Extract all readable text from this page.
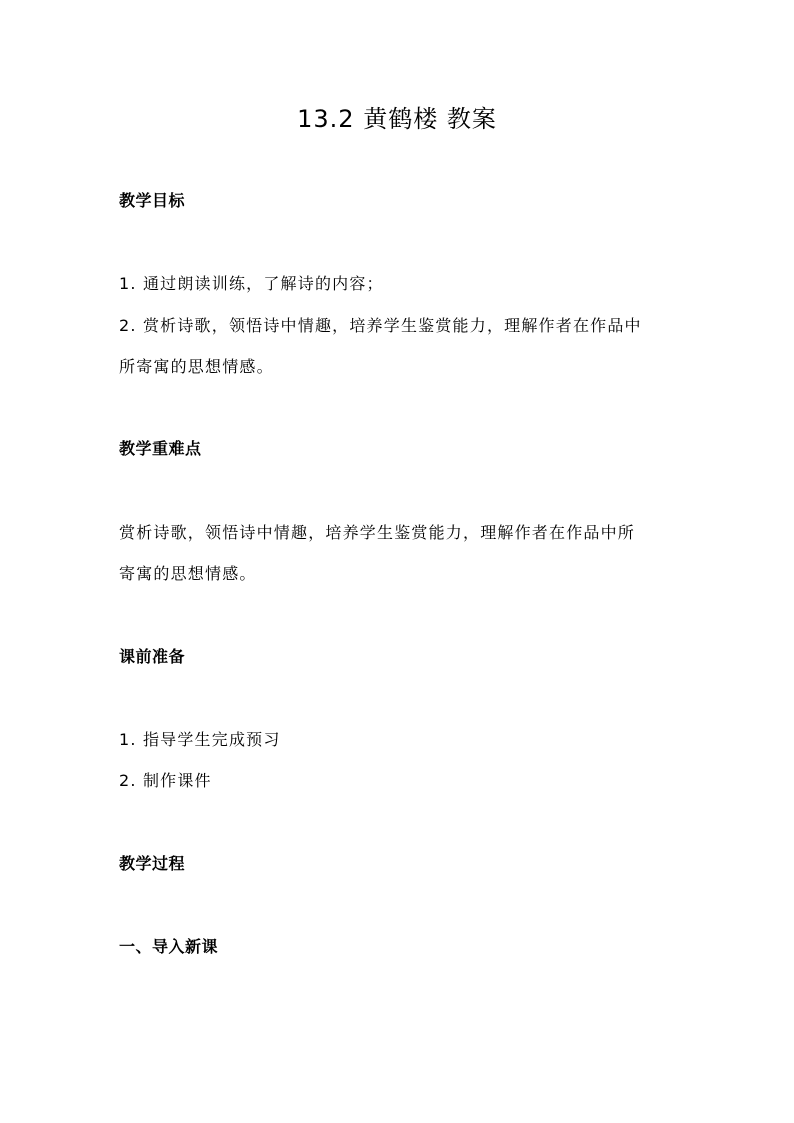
13.2 黄鹤楼 教案
教学目标
1. 通过朗读训练，了解诗的内容；
2. 赏析诗歌，领悟诗中情趣，培养学生鉴赏能力，理解作者在作品中
所寄寓的思想情感。
教学重难点
赏析诗歌，领悟诗中情趣，培养学生鉴赏能力，理解作者在作品中所
寄寓的思想情感。
课前准备
1. 指导学生完成预习
2. 制作课件
教学过程
一、导入新课
